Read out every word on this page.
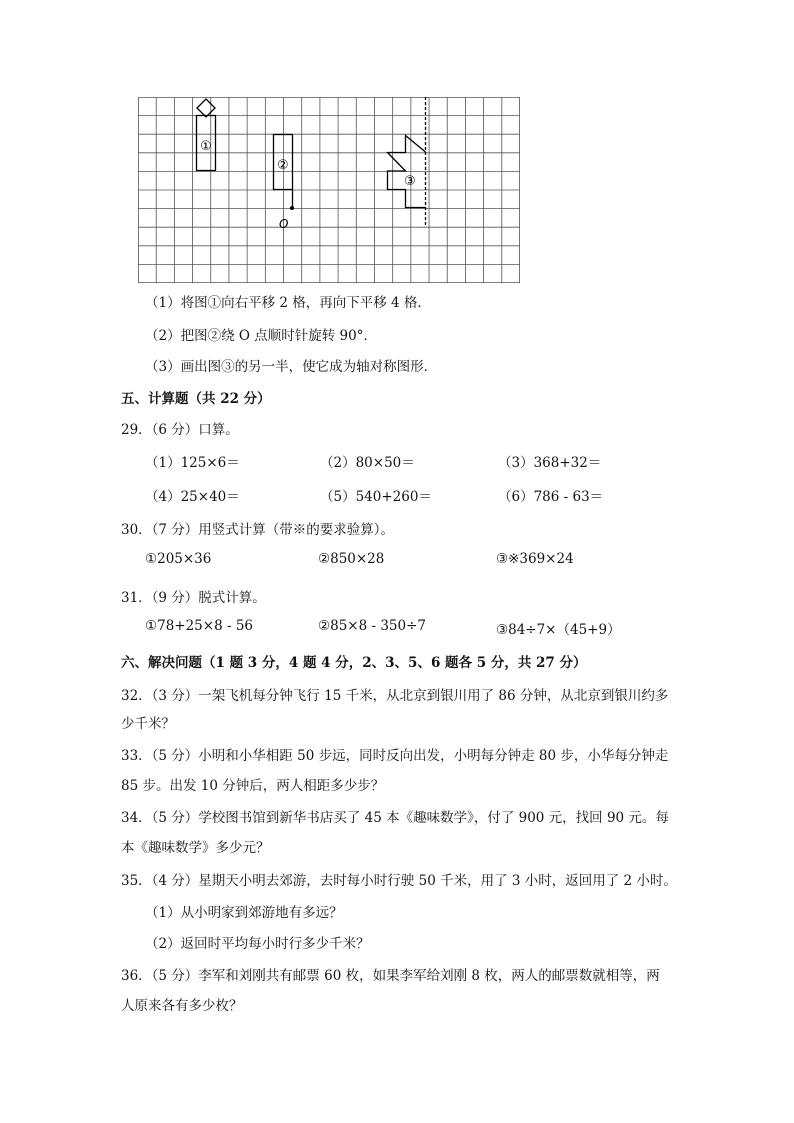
①
②
O
③
（1）将图①向右平移 2 格，再向下平移 4 格．
（2）把图②绕 O 点顺时针旋转 90°．
（3）画出图③的另一半，使它成为轴对称图形．
五、计算题（共 22 分）
29．（6 分）口算。
（1）125×6＝	（2）80×50＝	（3）368+32＝
（4）25×40＝	（5）540+260＝	（6）786 - 63＝
30．（7 分）用竖式计算（带※的要求验算）。
①205×36	②850×28	③※369×24
31．（9 分）脱式计算。
①78+25×8 - 56	②85×8 - 350÷7	③84÷7×（45+9）
六、解决问题（1 题 3 分，4 题 4 分，2、3、5、6 题各 5 分，共 27 分）
32．（3 分）一架飞机每分钟飞行 15 千米，从北京到银川用了 86 分钟，从北京到银川约多
少千米？
33．（5 分）小明和小华相距 50 步远，同时反向出发，小明每分钟走 80 步，小华每分钟走
85 步。出发 10 分钟后，两人相距多少步？
34．（5 分）学校图书馆到新华书店买了 45 本《趣味数学》，付了 900 元，找回 90 元。每
本《趣味数学》多少元？
35．（4 分）星期天小明去郊游，去时每小时行驶 50 千米，用了 3 小时，返回用了 2 小时。
（1）从小明家到郊游地有多远？
（2）返回时平均每小时行多少千米？
36．（5 分）李军和刘刚共有邮票 60 枚，如果李军给刘刚 8 枚，两人的邮票数就相等，两
人原来各有多少枚？
